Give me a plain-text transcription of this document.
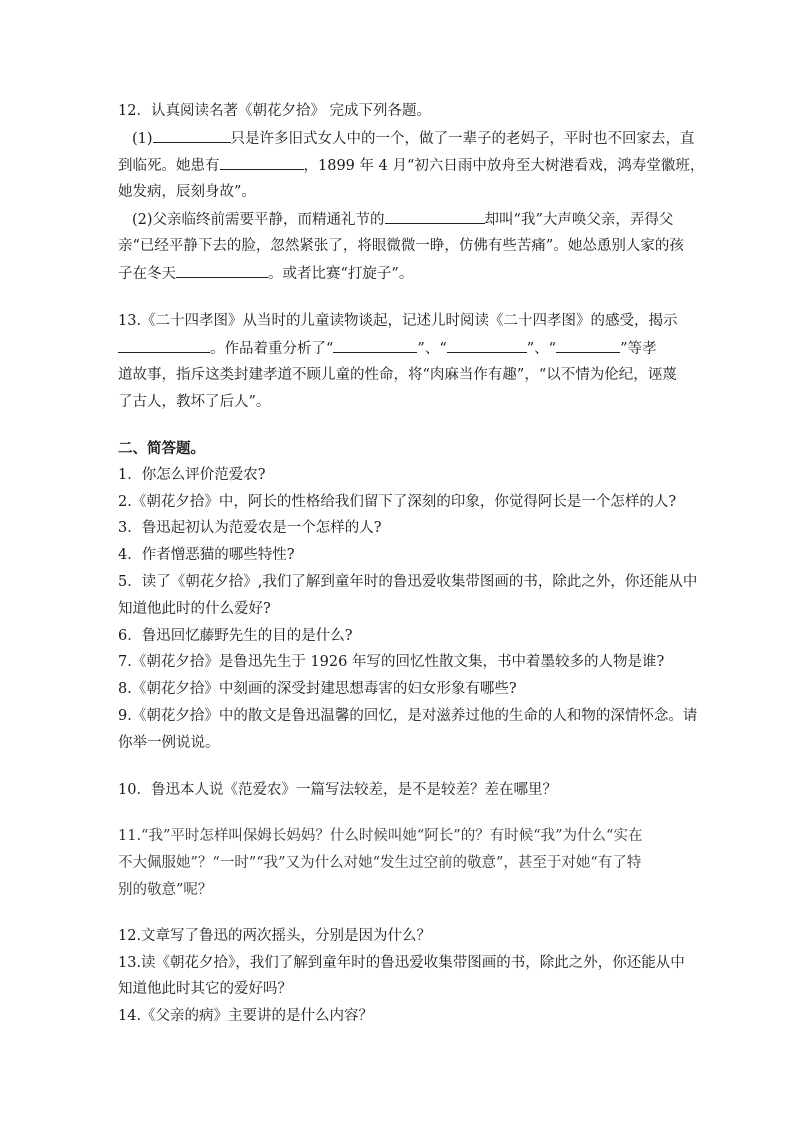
12．认真阅读名著《朝花夕拾》 完成下列各题。
(1)	只是许多旧式女人中的一个，做了一辈子的老妈子，平时也不回家去，直
到临死。她患有	，1899 年 4 月“初六日雨中放舟至大树港看戏，鸿寿堂徽班，
她发病，辰刻身故”。
(2)父亲临终前需要平静，而精通礼节的	却叫“我”大声唤父亲，弄得父
亲“已经平静下去的脸，忽然紧张了，将眼微微一睁，仿佛有些苦痛”。她怂恿别人家的孩
子在冬天	。或者比赛“打旋子”。
13.《二十四孝图》从当时的儿童读物谈起，记述儿时阅读《二十四孝图》的感受，揭示
。作品着重分析了“	”、“	”、“	”等孝
道故事，指斥这类封建孝道不顾儿童的性命，将“肉麻当作有趣”，“以不情为伦纪，诬蔑
了古人，教坏了后人”。
二、简答题。
1．你怎么评价范爱农?
2.《朝花夕拾》中，阿长的性格给我们留下了深刻的印象，你觉得阿长是一个怎样的人?
3．鲁迅起初认为范爱农是一个怎样的人?
4．作者憎恶猫的哪些特性?
5．读了《朝花夕拾》,我们了解到童年时的鲁迅爱收集带图画的书，除此之外，你还能从中
知道他此时的什么爱好?
6．鲁迅回忆藤野先生的目的是什么?
7.《朝花夕拾》是鲁迅先生于 1926 年写的回忆性散文集，书中着墨较多的人物是谁?
8.《朝花夕拾》中刻画的深受封建思想毒害的妇女形象有哪些?
9.《朝花夕拾》中的散文是鲁迅温馨的回忆，是对滋养过他的生命的人和物的深情怀念。请
你举一例说说。
10．鲁迅本人说《范爱农》一篇写法较差，是不是较差？差在哪里？
11.“我”平时怎样叫保姆长妈妈？什么时候叫她“阿长”的？有时候“我”为什么“实在
不大佩服她”？“一时”“我”又为什么对她“发生过空前的敬意”，甚至于对她“有了特
别的敬意”呢？
12.文章写了鲁迅的两次摇头，分别是因为什么？
13.读《朝花夕拾》，我们了解到童年时的鲁迅爱收集带图画的书，除此之外，你还能从中
知道他此时其它的爱好吗？
14.《父亲的病》主要讲的是什么内容？
